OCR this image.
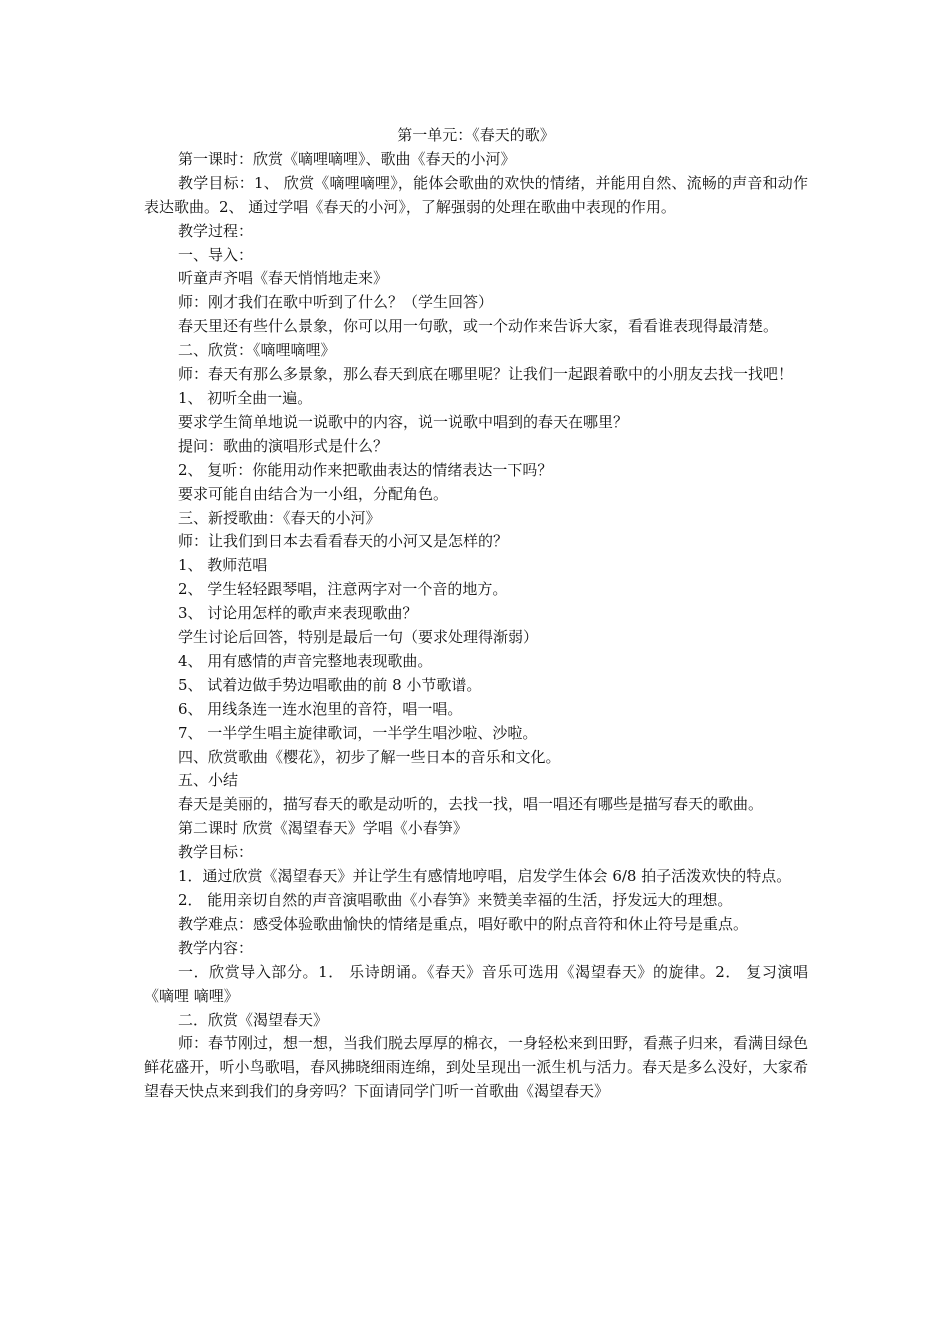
第一单元：《春天的歌》

第一课时：欣赏《嘀哩嘀哩》、歌曲《春天的小河》

教学目标：1、 欣赏《嘀哩嘀哩》，能体会歌曲的欢快的情绪，并能用自然、流畅的声音和动作表达歌曲。2、 通过学唱《春天的小河》，了解强弱的处理在歌曲中表现的作用。

教学过程：

一、导入：

听童声齐唱《春天悄悄地走来》

师：刚才我们在歌中听到了什么？（学生回答）

春天里还有些什么景象，你可以用一句歌，或一个动作来告诉大家，看看谁表现得最清楚。

二、欣赏：《嘀哩嘀哩》

师：春天有那么多景象，那么春天到底在哪里呢？让我们一起跟着歌中的小朋友去找一找吧！

1、 初听全曲一遍。

要求学生简单地说一说歌中的内容，说一说歌中唱到的春天在哪里？

提问：歌曲的演唱形式是什么？

2、 复听：你能用动作来把歌曲表达的情绪表达一下吗？

要求可能自由结合为一小组，分配角色。

三、新授歌曲：《春天的小河》

师：让我们到日本去看看春天的小河又是怎样的？

1、 教师范唱

2、 学生轻轻跟琴唱，注意两字对一个音的地方。

3、 讨论用怎样的歌声来表现歌曲？

学生讨论后回答，特别是最后一句（要求处理得渐弱）

4、 用有感情的声音完整地表现歌曲。

5、 试着边做手势边唱歌曲的前 8 小节歌谱。

6、 用线条连一连水泡里的音符，唱一唱。

7、 一半学生唱主旋律歌词，一半学生唱沙啦、沙啦。

四、欣赏歌曲《樱花》，初步了解一些日本的音乐和文化。

五、小结

春天是美丽的，描写春天的歌是动听的，去找一找，唱一唱还有哪些是描写春天的歌曲。

第二课时 欣赏《渴望春天》学唱《小春笋》

教学目标：

1．通过欣赏《渴望春天》并让学生有感情地哼唱，启发学生体会 6/8 拍子活泼欢快的特点。

2． 能用亲切自然的声音演唱歌曲《小春笋》来赞美幸福的生活，抒发远大的理想。

教学难点：感受体验歌曲愉快的情绪是重点，唱好歌中的附点音符和休止符号是重点。

教学内容：

一．欣赏导入部分。1． 乐诗朗诵。《春天》音乐可选用《渴望春天》的旋律。2． 复习演唱《嘀哩 嘀哩》

二．欣赏《渴望春天》

师：春节刚过，想一想，当我们脱去厚厚的棉衣，一身轻松来到田野，看燕子归来，看满目绿色鲜花盛开，听小鸟歌唱，春风拂晓细雨连绵，到处呈现出一派生机与活力。春天是多么没好，大家希望春天快点来到我们的身旁吗？下面请同学门听一首歌曲《渴望春天》
